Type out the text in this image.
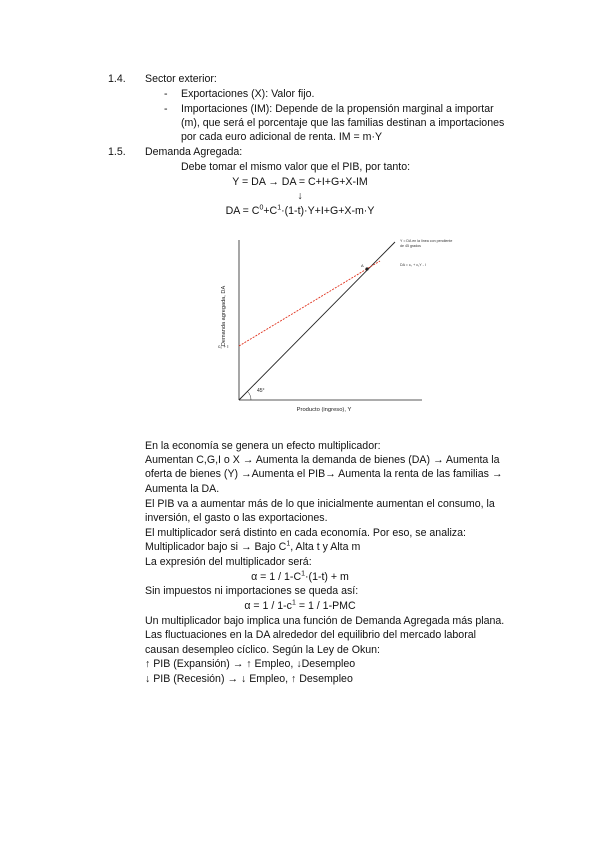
1.4. Sector exterior:
- Exportaciones (X): Valor fijo.
- Importaciones (IM): Depende de la propensión marginal a importar
(m), que será el porcentaje que las familias destinan a importaciones
por cada euro adicional de renta. IM = m·Y
1.5. Demanda Agregada:
Debe tomar el mismo valor que el PIB, por tanto:
Y = DA → DA = C+I+G+X-IM
↓
DA = $C^0+C^1\cdot(1-t)\cdot Y+I+G+X-m\cdot Y$
A
45°
c₀ + I
Y = DA en la línea con pendiente
de 45 grados
DA = c₀ + c₁Y - I
Demanda agregada, DA
Producto (ingreso), Y
En la economía se genera un efecto multiplicador:
Aumentan C,G,I o X → Aumenta la demanda de bienes (DA) → Aumenta la
oferta de bienes (Y) →Aumenta el PIB→ Aumenta la renta de las familias →
Aumenta la DA.
El PIB va a aumentar más de lo que inicialmente aumentan el consumo, la
inversión, el gasto o las exportaciones.
El multiplicador será distinto en cada economía. Por eso, se analiza:
Multiplicador bajo si → Bajo $C^1$, Alta t y Alta m
La expresión del multiplicador será:
$\alpha = 1 / 1-C^1\cdot(1-t) + m$
Sin impuestos ni importaciones se queda así:
$\alpha = 1 / 1-c^1 = 1 / 1-PMC$
Un multiplicador bajo implica una función de Demanda Agregada más plana.
Las fluctuaciones en la DA alrededor del equilibrio del mercado laboral
causan desempleo cíclico. Según la Ley de Okun:
↑ PIB (Expansión) → ↑ Empleo, ↓Desempleo
↓ PIB (Recesión) → ↓ Empleo, ↑ Desempleo
